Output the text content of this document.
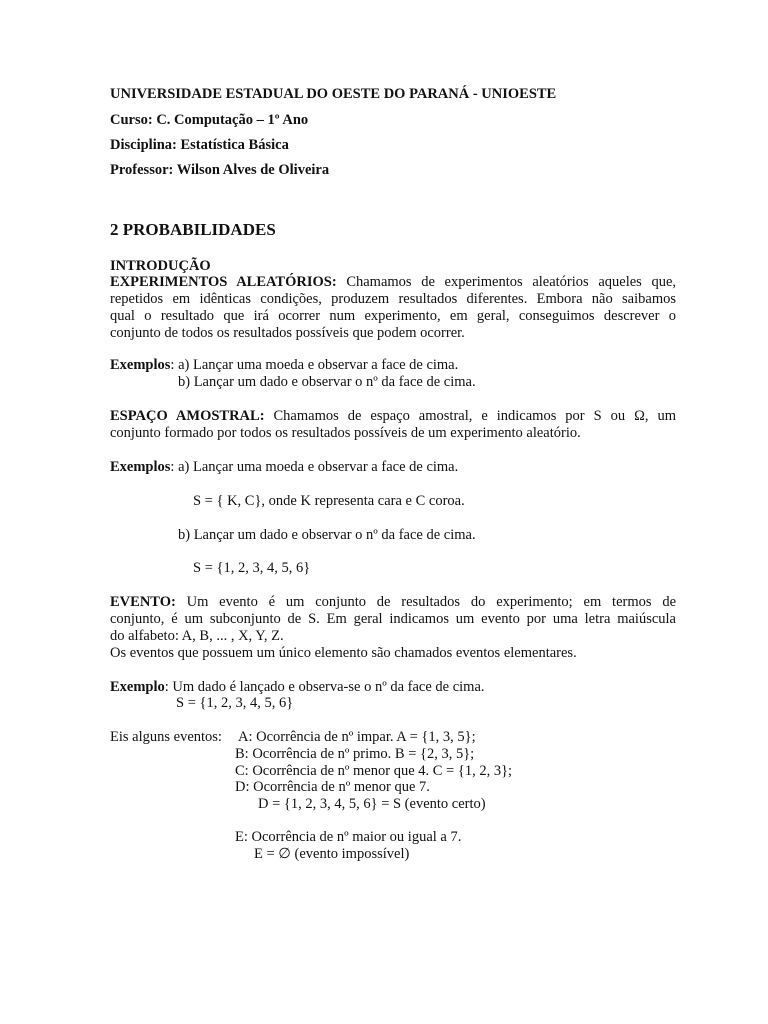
UNIVERSIDADE ESTADUAL DO OESTE DO PARANÁ - UNIOESTE
Curso: C. Computação – 1º Ano
Disciplina: Estatística Básica
Professor: Wilson Alves de Oliveira
2 PROBABILIDADES
INTRODUÇÃO
EXPERIMENTOS ALEATÓRIOS: Chamamos de experimentos aleatórios aqueles que,
repetidos em idênticas condições, produzem resultados diferentes. Embora não saibamos
qual o resultado que irá ocorrer num experimento, em geral, conseguimos descrever o
conjunto de todos os resultados possíveis que podem ocorrer.
Exemplos: a) Lançar uma moeda e observar a face de cima.
b) Lançar um dado e observar o nº da face de cima.
ESPAÇO AMOSTRAL: Chamamos de espaço amostral, e indicamos por S ou Ω, um
conjunto formado por todos os resultados possíveis de um experimento aleatório.
Exemplos: a) Lançar uma moeda e observar a face de cima.
S = { K, C}, onde K representa cara e C coroa.
b) Lançar um dado e observar o nº da face de cima.
S = {1, 2, 3, 4, 5, 6}
EVENTO: Um evento é um conjunto de resultados do experimento; em termos de
conjunto, é um subconjunto de S. Em geral indicamos um evento por uma letra maiúscula
do alfabeto: A, B, ... , X, Y, Z.
Os eventos que possuem um único elemento são chamados eventos elementares.
Exemplo: Um dado é lançado e observa-se o nº da face de cima.
S = {1, 2, 3, 4, 5, 6}
Eis alguns eventos: A: Ocorrência de nº impar. A = {1, 3, 5};
B: Ocorrência de nº primo. B = {2, 3, 5};
C: Ocorrência de nº menor que 4. C = {1, 2, 3};
D: Ocorrência de nº menor que 7.
D = {1, 2, 3, 4, 5, 6} = S (evento certo)
E: Ocorrência de nº maior ou igual a 7.
E = ∅ (evento impossível)
